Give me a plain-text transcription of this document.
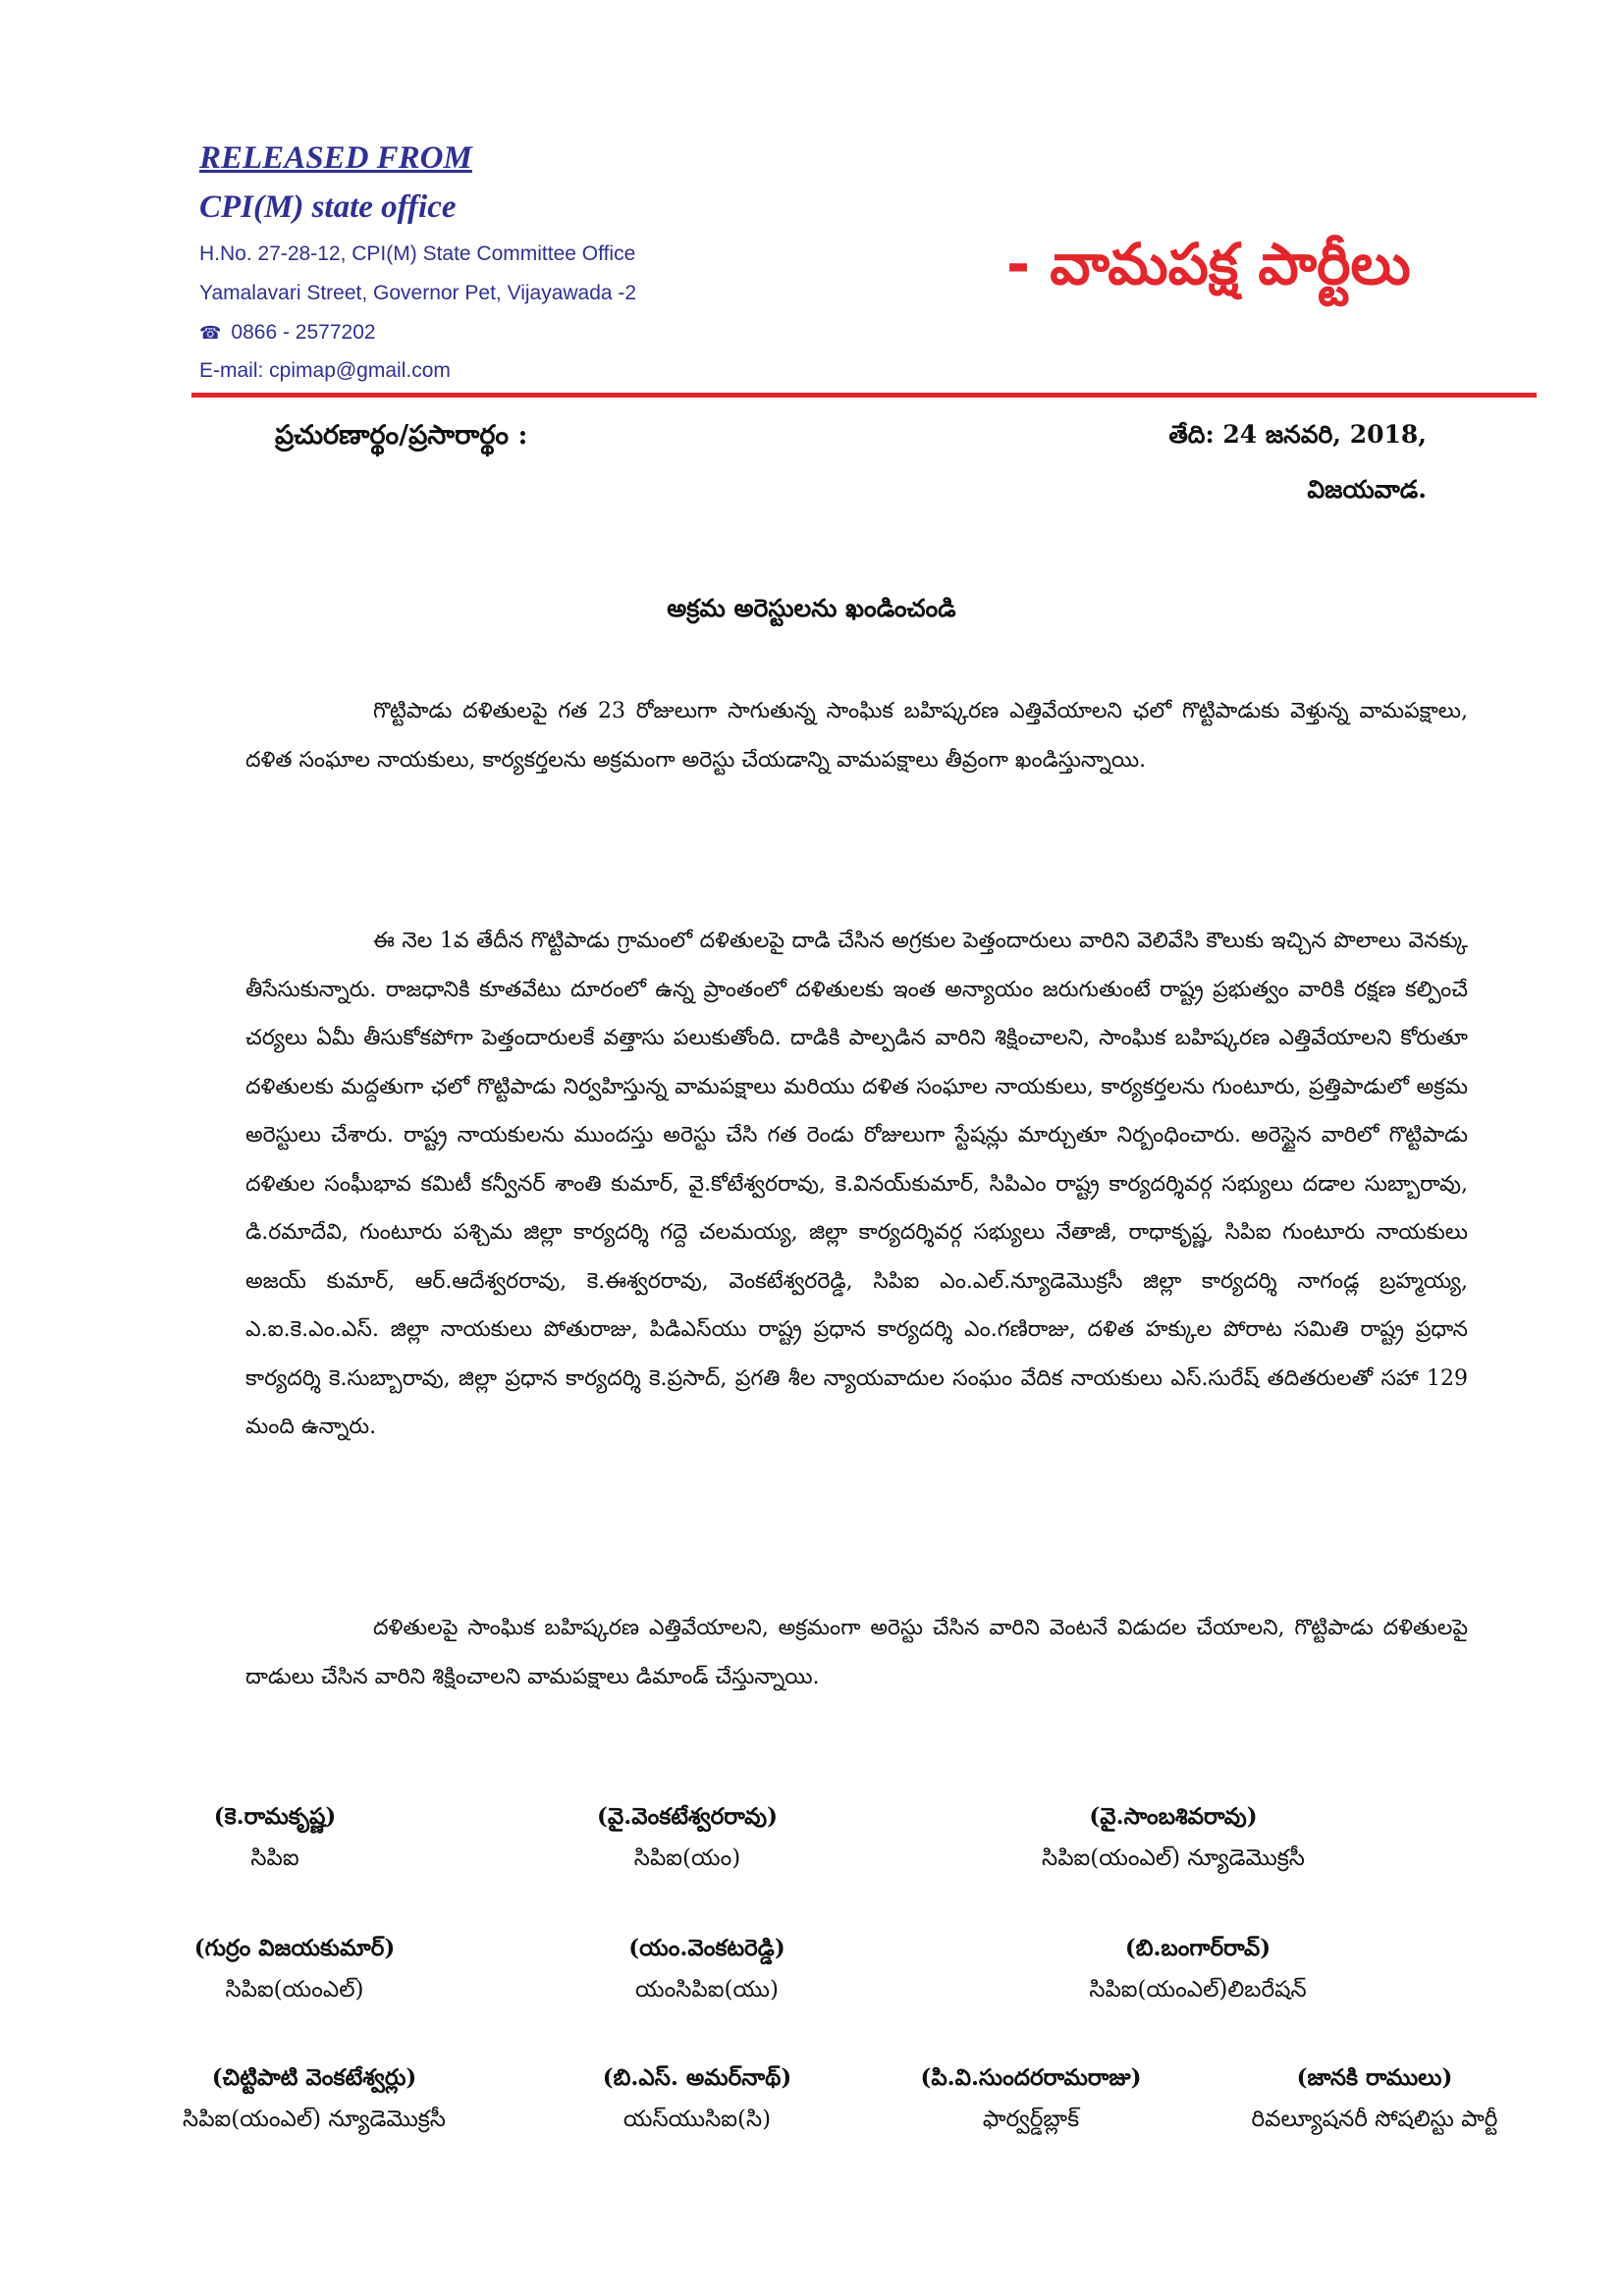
RELEASED FROM
CPI(M) state office
H.No. 27-28-12, CPI(M) State Committee Office
Yamalavari Street, Governor Pet, Vijayawada -2
☎ 0866 - 2577202
E-mail: cpimap@gmail.com
- వామపక్ష పార్టీలు
ప్రచురణార్థం/ప్రసారార్థం :	తేది: 24 జనవరి, 2018,
విజయవాడ.
అక్రమ అరెస్టులను ఖండించండి

గొట్టిపాడు దళితులపై గత 23 రోజులుగా సాగుతున్న సాంఘిక బహిష్కరణ ఎత్తివేయాలని ఛలో గొట్టిపాడుకు వెళ్తున్న వామపక్షాలు, దళిత సంఘాల నాయకులు, కార్యకర్తలను అక్రమంగా అరెస్టు చేయడాన్ని వామపక్షాలు తీవ్రంగా ఖండిస్తున్నాయి.

ఈ నెల 1వ తేదీన గొట్టిపాడు గ్రామంలో దళితులపై దాడి చేసిన అగ్రకుల పెత్తందారులు వారిని వెలివేసి కౌలుకు ఇచ్చిన పొలాలు వెనక్కు తీసేసుకున్నారు. రాజధానికి కూతవేటు దూరంలో ఉన్న ప్రాంతంలో దళితులకు ఇంత అన్యాయం జరుగుతుంటే రాష్ట్ర ప్రభుత్వం వారికి రక్షణ కల్పించే చర్యలు ఏమీ తీసుకోకపోగా పెత్తందారులకే వత్తాసు పలుకుతోంది. దాడికి పాల్పడిన వారిని శిక్షించాలని, సాంఘిక బహిష్కరణ ఎత్తివేయాలని కోరుతూ దళితులకు మద్దతుగా ఛలో గొట్టిపాడు నిర్వహిస్తున్న వామపక్షాలు మరియు దళిత సంఘాల నాయకులు, కార్యకర్తలను గుంటూరు, ప్రత్తిపాడులో అక్రమ అరెస్టులు చేశారు. రాష్ట్ర నాయకులను ముందస్తు అరెస్టు చేసి గత రెండు రోజులుగా స్టేషన్లు మార్చుతూ నిర్బంధించారు. అరెస్టైన వారిలో గొట్టిపాడు దళితుల సంఘీభావ కమిటీ కన్వీనర్ శాంతి కుమార్, వై.కోటేశ్వరరావు, కె.వినయ్‌కుమార్, సిపిఎం రాష్ట్ర కార్యదర్శివర్గ సభ్యులు దడాల సుబ్బారావు, డి.రమాదేవి, గుంటూరు పశ్చిమ జిల్లా కార్యదర్శి గద్దె చలమయ్య, జిల్లా కార్యదర్శివర్గ సభ్యులు నేతాజీ, రాధాకృష్ణ, సిపిఐ గుంటూరు నాయకులు అజయ్ కుమార్, ఆర్.ఆదేశ్వరరావు, కె.ఈశ్వరరావు, వెంకటేశ్వరరెడ్డి, సిపిఐ ఎం.ఎల్.న్యూడెమొక్రసీ జిల్లా కార్యదర్శి నాగండ్ల బ్రహ్మయ్య, ఎ.ఐ.కె.ఎం.ఎస్. జిల్లా నాయకులు పోతురాజు, పిడిఎస్‌యు రాష్ట్ర ప్రధాన కార్యదర్శి ఎం.గణిరాజు, దళిత హక్కుల పోరాట సమితి రాష్ట్ర ప్రధాన కార్యదర్శి కె.సుబ్బారావు, జిల్లా ప్రధాన కార్యదర్శి కె.ప్రసాద్, ప్రగతి శీల న్యాయవాదుల సంఘం వేదిక నాయకులు ఎస్.సురేష్ తదితరులతో సహా 129 మంది ఉన్నారు.

దళితులపై సాంఘిక బహిష్కరణ ఎత్తివేయాలని, అక్రమంగా అరెస్టు చేసిన వారిని వెంటనే విడుదల చేయాలని, గొట్టిపాడు దళితులపై దాడులు చేసిన వారిని శిక్షించాలని వామపక్షాలు డిమాండ్ చేస్తున్నాయి.

(కె.రామకృష్ణ)
సిపిఐ
(వై.వెంకటేశ్వరరావు)
సిపిఐ(యం)
(వై.సాంబశివరావు)
సిపిఐ(యంఎల్) న్యూడెమొక్రసీ
(గుర్రం విజయకుమార్)
సిపిఐ(యంఎల్)
(యం.వెంకటరెడ్డి)
యంసిపిఐ(యు)
(బి.బంగార్‌రావ్)
సిపిఐ(యంఎల్)లిబరేషన్
(చిట్టిపాటి వెంకటేశ్వర్లు)
సిపిఐ(యంఎల్) న్యూడెమొక్రసీ
(బి.ఎస్. అమర్‌నాథ్)
యస్‌యుసిఐ(సి)
(పి.వి.సుందరరామరాజు)
ఫార్వర్డ్‌బ్లాక్
(జానకి రాములు)
రివల్యూషనరీ సోషలిస్టు పార్టీ
